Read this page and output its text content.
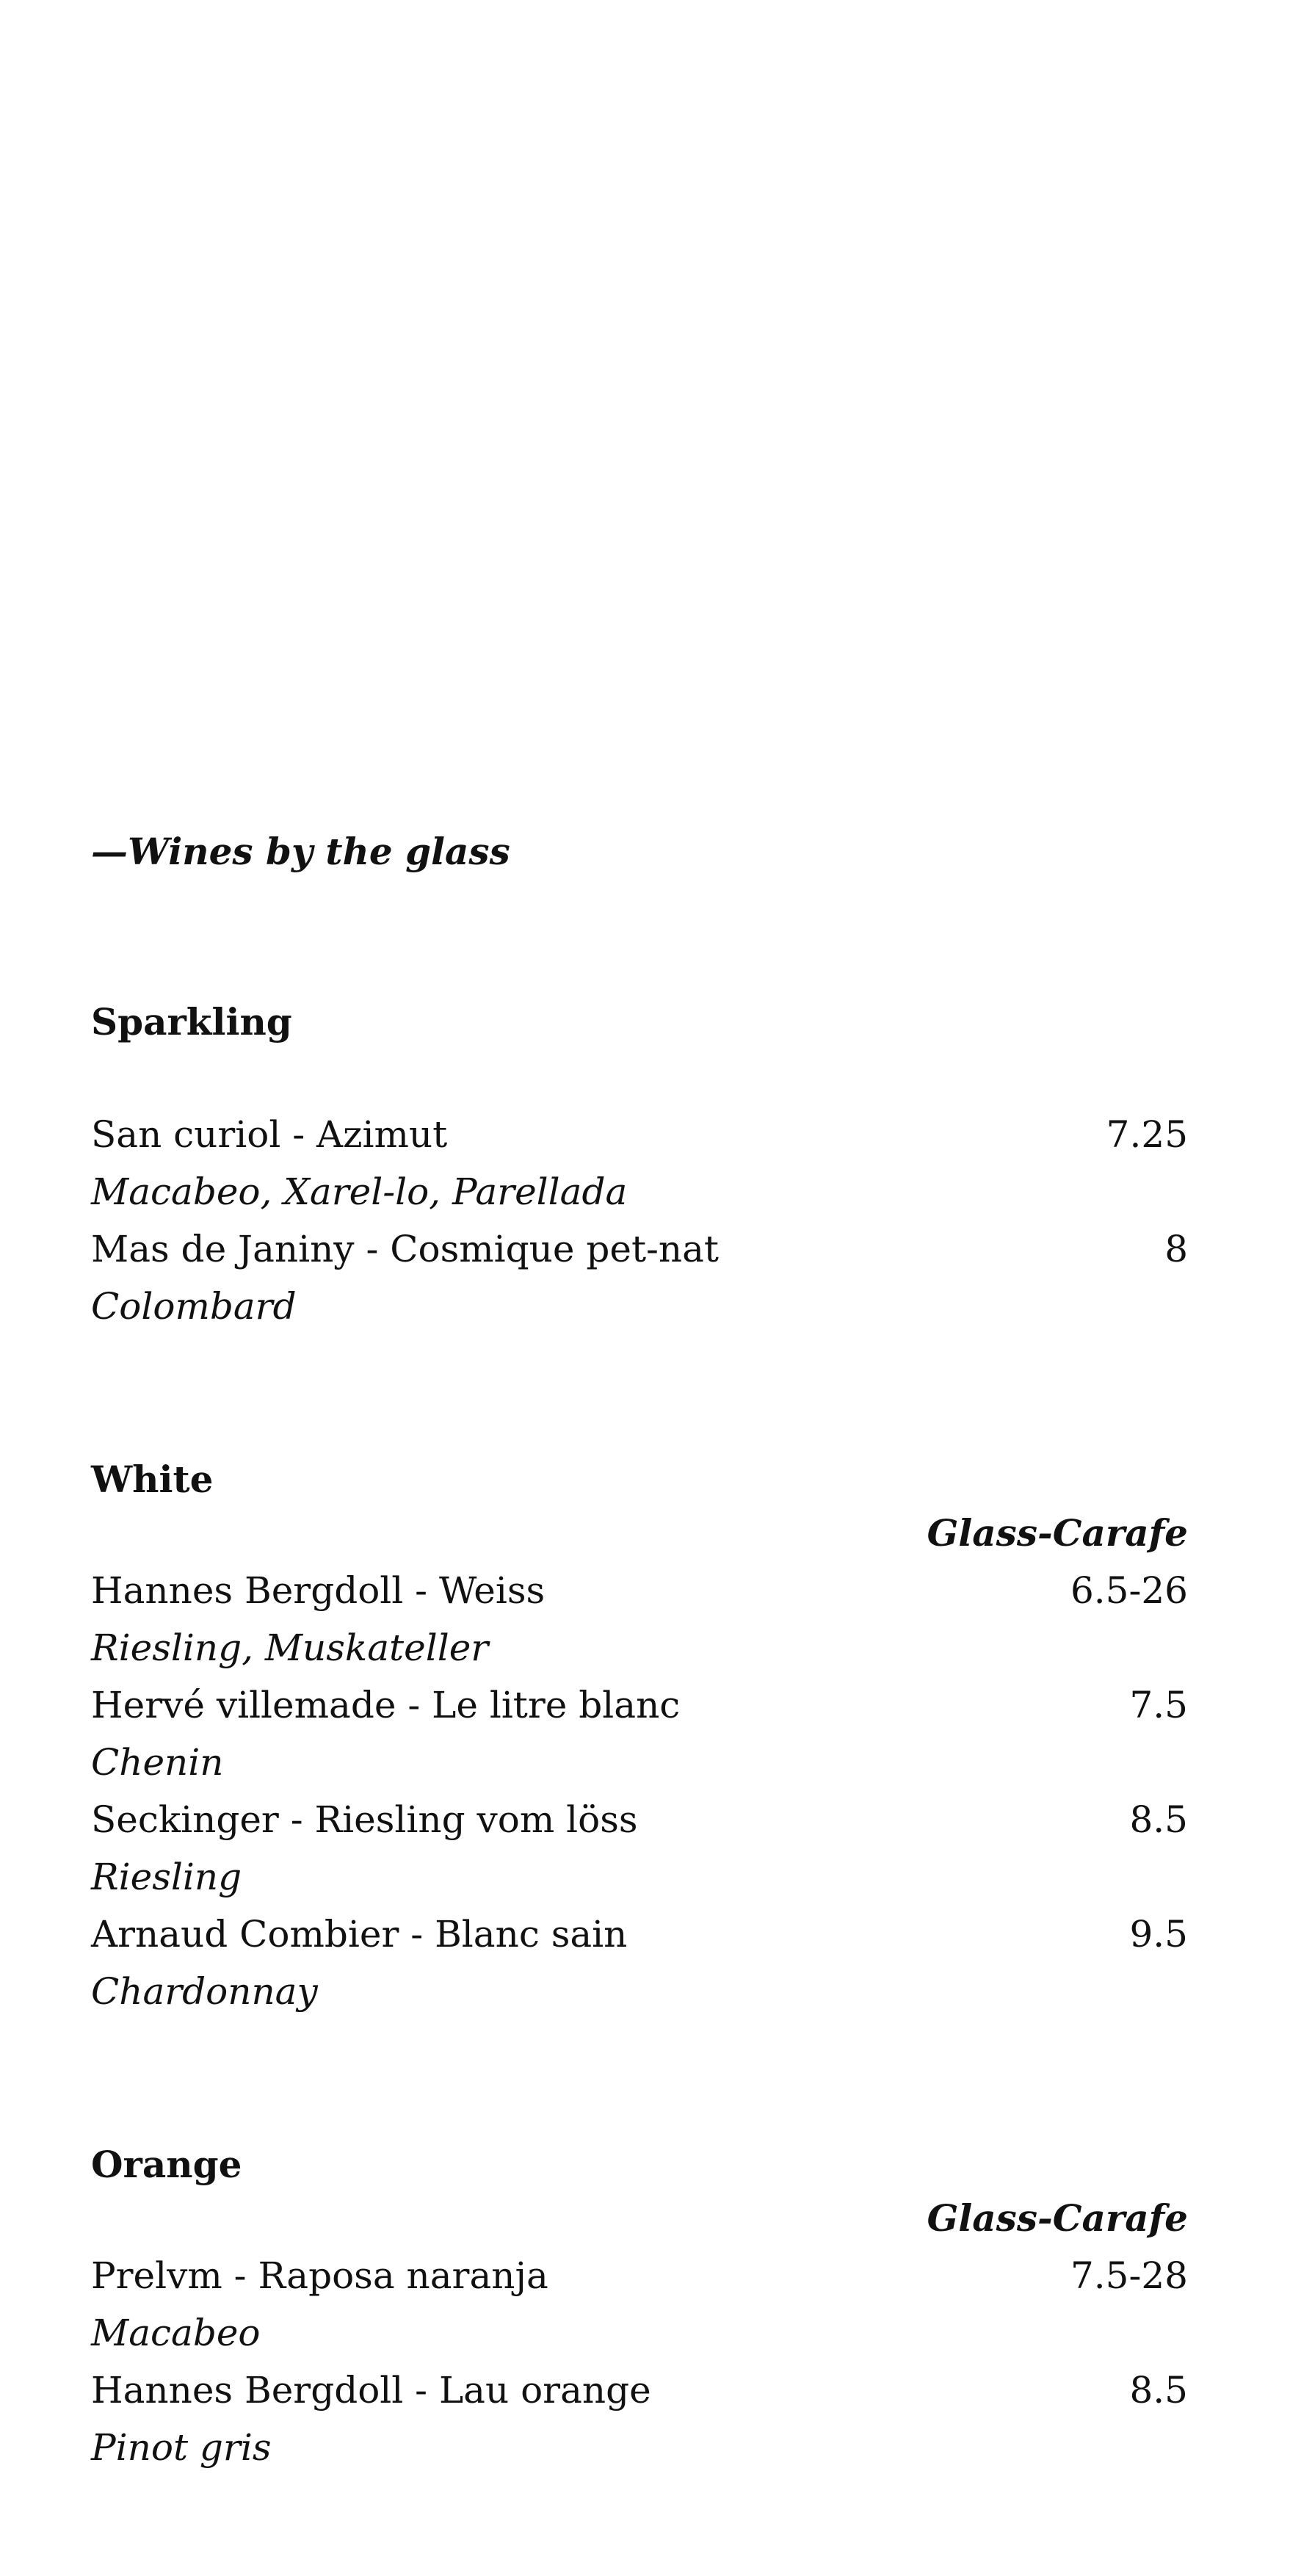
—Wines by the glass
Sparkling
San curiol - Azimut	7.25
Macabeo, Xarel-lo, Parellada
Mas de Janiny - Cosmique pet-nat	8
Colombard
White
Glass-Carafe
Hannes Bergdoll - Weiss	6.5-26
Riesling, Muskateller
Hervé villemade - Le litre blanc	7.5
Chenin
Seckinger - Riesling vom löss	8.5
Riesling
Arnaud Combier - Blanc sain	9.5
Chardonnay
Orange
Glass-Carafe
Prelvm - Raposa naranja	7.5-28
Macabeo
Hannes Bergdoll - Lau orange	8.5
Pinot gris
